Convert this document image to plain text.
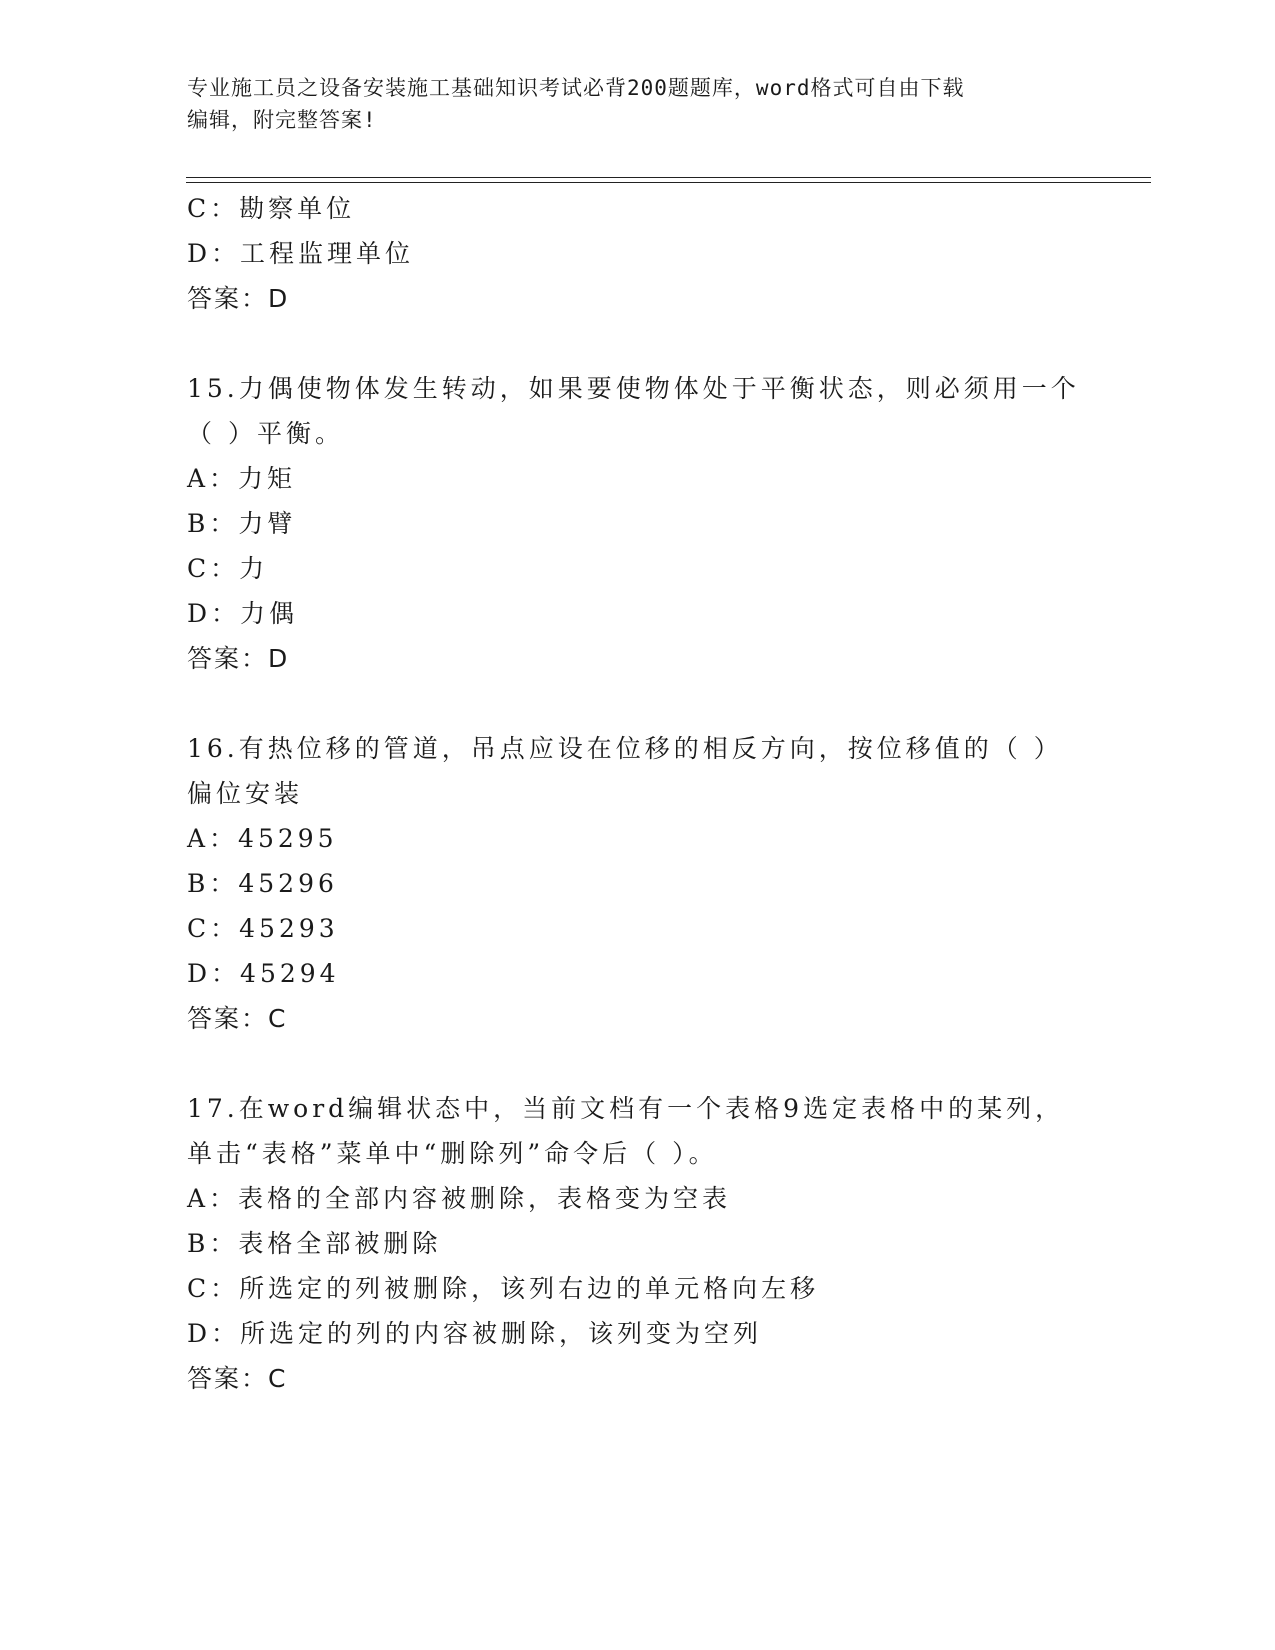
专业施工员之设备安装施工基础知识考试必背200题题库，word格式可自由下载
编辑，附完整答案!
C：勘察单位
D：工程监理单位
答案：D
15.力偶使物体发生转动，如果要使物体处于平衡状态，则必须用一个
（ ）平衡。
A：力矩
B：力臂
C：力
D：力偶
答案：D
16.有热位移的管道，吊点应设在位移的相反方向，按位移值的（ ）
偏位安装
A：45295
B：45296
C：45293
D：45294
答案：C
17.在word编辑状态中，当前文档有一个表格9选定表格中的某列，
单击“表格”菜单中“删除列”命令后（ ）。
A：表格的全部内容被删除，表格变为空表
B：表格全部被删除
C：所选定的列被删除，该列右边的单元格向左移
D：所选定的列的内容被删除，该列变为空列
答案：C
